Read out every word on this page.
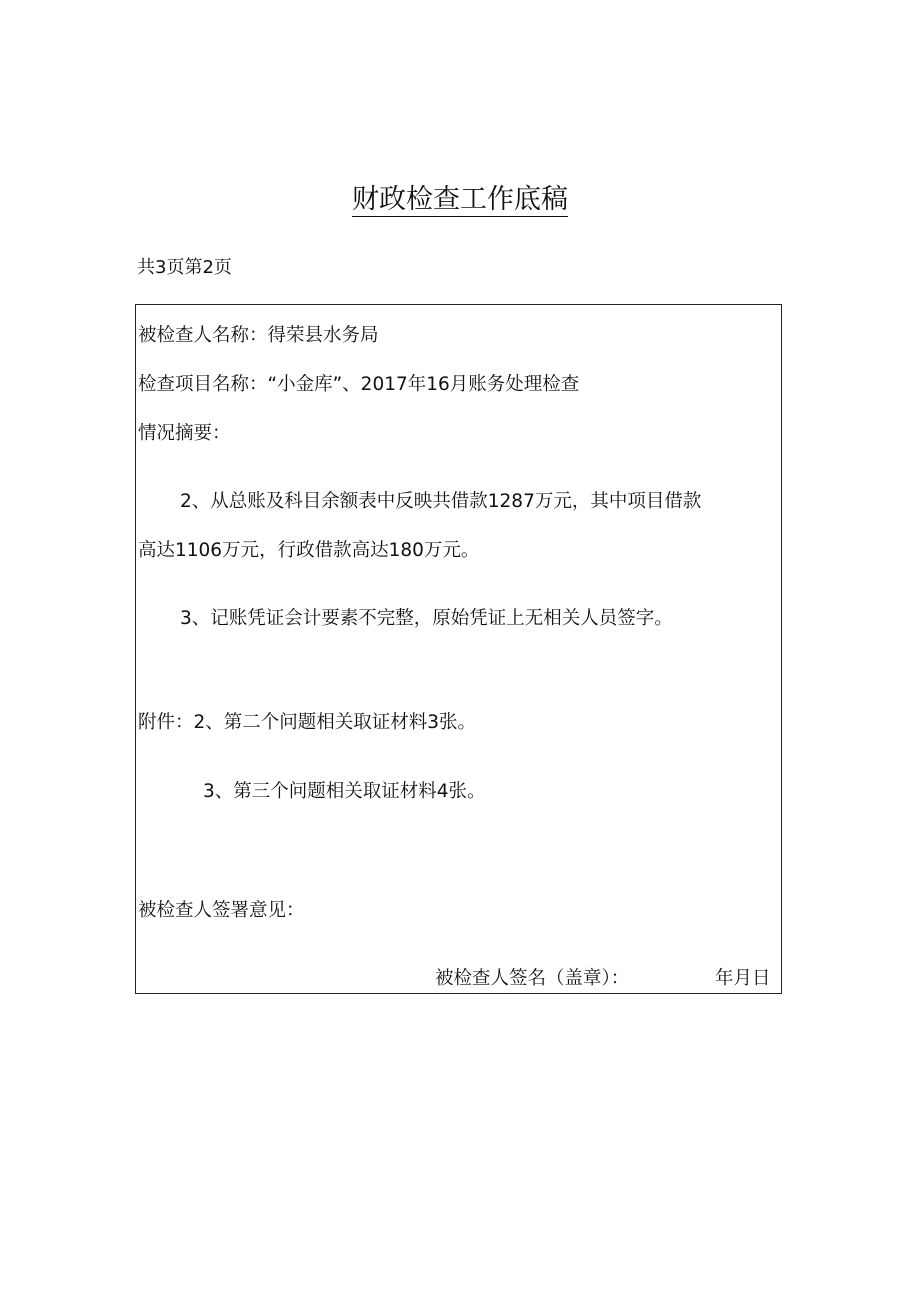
财政检查工作底稿
共3页第2页
被检查人名称：得荣县水务局
检查项目名称：“小金库”、2017年16月账务处理检查
情况摘要：
2、从总账及科目余额表中反映共借款1287万元，其中项目借款
高达1106万元，行政借款高达180万元。
3、记账凭证会计要素不完整，原始凭证上无相关人员签字。
附件：2、第二个问题相关取证材料3张。
3、第三个问题相关取证材料4张。
被检查人签署意见：
被检查人签名（盖章）：	年月日
